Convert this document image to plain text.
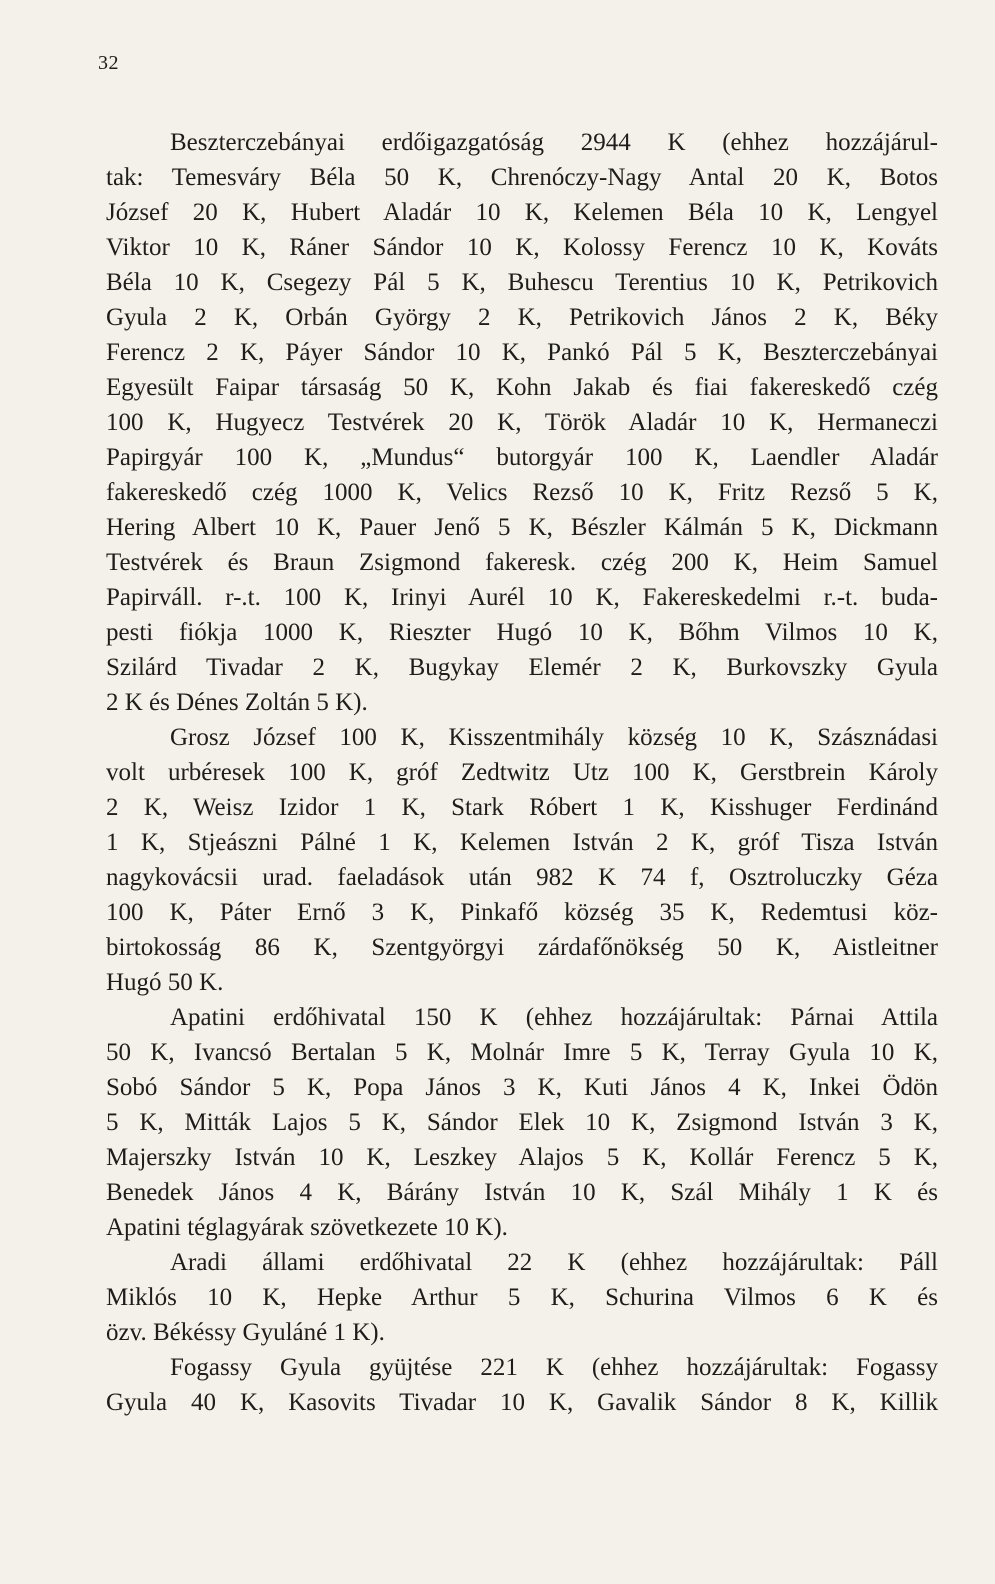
32
Beszterczebányai erdőigazgatóság 2944 K (ehhez hozzájárul-
tak: Temesváry Béla 50 K, Chrenóczy-Nagy Antal 20 K, Botos
József 20 K, Hubert Aladár 10 K, Kelemen Béla 10 K, Lengyel
Viktor 10 K, Ráner Sándor 10 K, Kolossy Ferencz 10 K, Kováts
Béla 10 K, Csegezy Pál 5 K, Buhescu Terentius 10 K, Petrikovich
Gyula 2 K, Orbán György 2 K, Petrikovich János 2 K, Béky
Ferencz 2 K, Páyer Sándor 10 K, Pankó Pál 5 K, Beszterczebányai
Egyesült Faipar társaság 50 K, Kohn Jakab és fiai fakereskedő czég
100 K, Hugyecz Testvérek 20 K, Török Aladár 10 K, Hermaneczi
Papirgyár 100 K, „Mundus“ butorgyár 100 K, Laendler Aladár
fakereskedő czég 1000 K, Velics Rezső 10 K, Fritz Rezső 5 K,
Hering Albert 10 K, Pauer Jenő 5 K, Bészler Kálmán 5 K, Dickmann
Testvérek és Braun Zsigmond fakeresk. czég 200 K, Heim Samuel
Papirváll. r-.t. 100 K, Irinyi Aurél 10 K, Fakereskedelmi r.-t. buda-
pesti fiókja 1000 K, Rieszter Hugó 10 K, Bőhm Vilmos 10 K,
Szilárd Tivadar 2 K, Bugykay Elemér 2 K, Burkovszky Gyula
2 K és Dénes Zoltán 5 K).
Grosz József 100 K, Kisszentmihály község 10 K, Szásznádasi
volt urbéresek 100 K, gróf Zedtwitz Utz 100 K, Gerstbrein Károly
2 K, Weisz Izidor 1 K, Stark Róbert 1 K, Kisshuger Ferdinánd
1 K, Stjeászni Pálné 1 K, Kelemen István 2 K, gróf Tisza István
nagykovácsii urad. faeladások után 982 K 74 f, Osztroluczky Géza
100 K, Páter Ernő 3 K, Pinkafő község 35 K, Redemtusi köz-
birtokosság 86 K, Szentgyörgyi zárdafőnökség 50 K, Aistleitner
Hugó 50 K.
Apatini erdőhivatal 150 K (ehhez hozzájárultak: Párnai Attila
50 K, Ivancsó Bertalan 5 K, Molnár Imre 5 K, Terray Gyula 10 K,
Sobó Sándor 5 K, Popa János 3 K, Kuti János 4 K, Inkei Ödön
5 K, Mitták Lajos 5 K, Sándor Elek 10 K, Zsigmond István 3 K,
Majerszky István 10 K, Leszkey Alajos 5 K, Kollár Ferencz 5 K,
Benedek János 4 K, Bárány István 10 K, Szál Mihály 1 K és
Apatini téglagyárak szövetkezete 10 K).
Aradi állami erdőhivatal 22 K (ehhez hozzájárultak: Páll
Miklós 10 K, Hepke Arthur 5 K, Schurina Vilmos 6 K és
özv. Békéssy Gyuláné 1 K).
Fogassy Gyula gyüjtése 221 K (ehhez hozzájárultak: Fogassy
Gyula 40 K, Kasovits Tivadar 10 K, Gavalik Sándor 8 K, Killik
